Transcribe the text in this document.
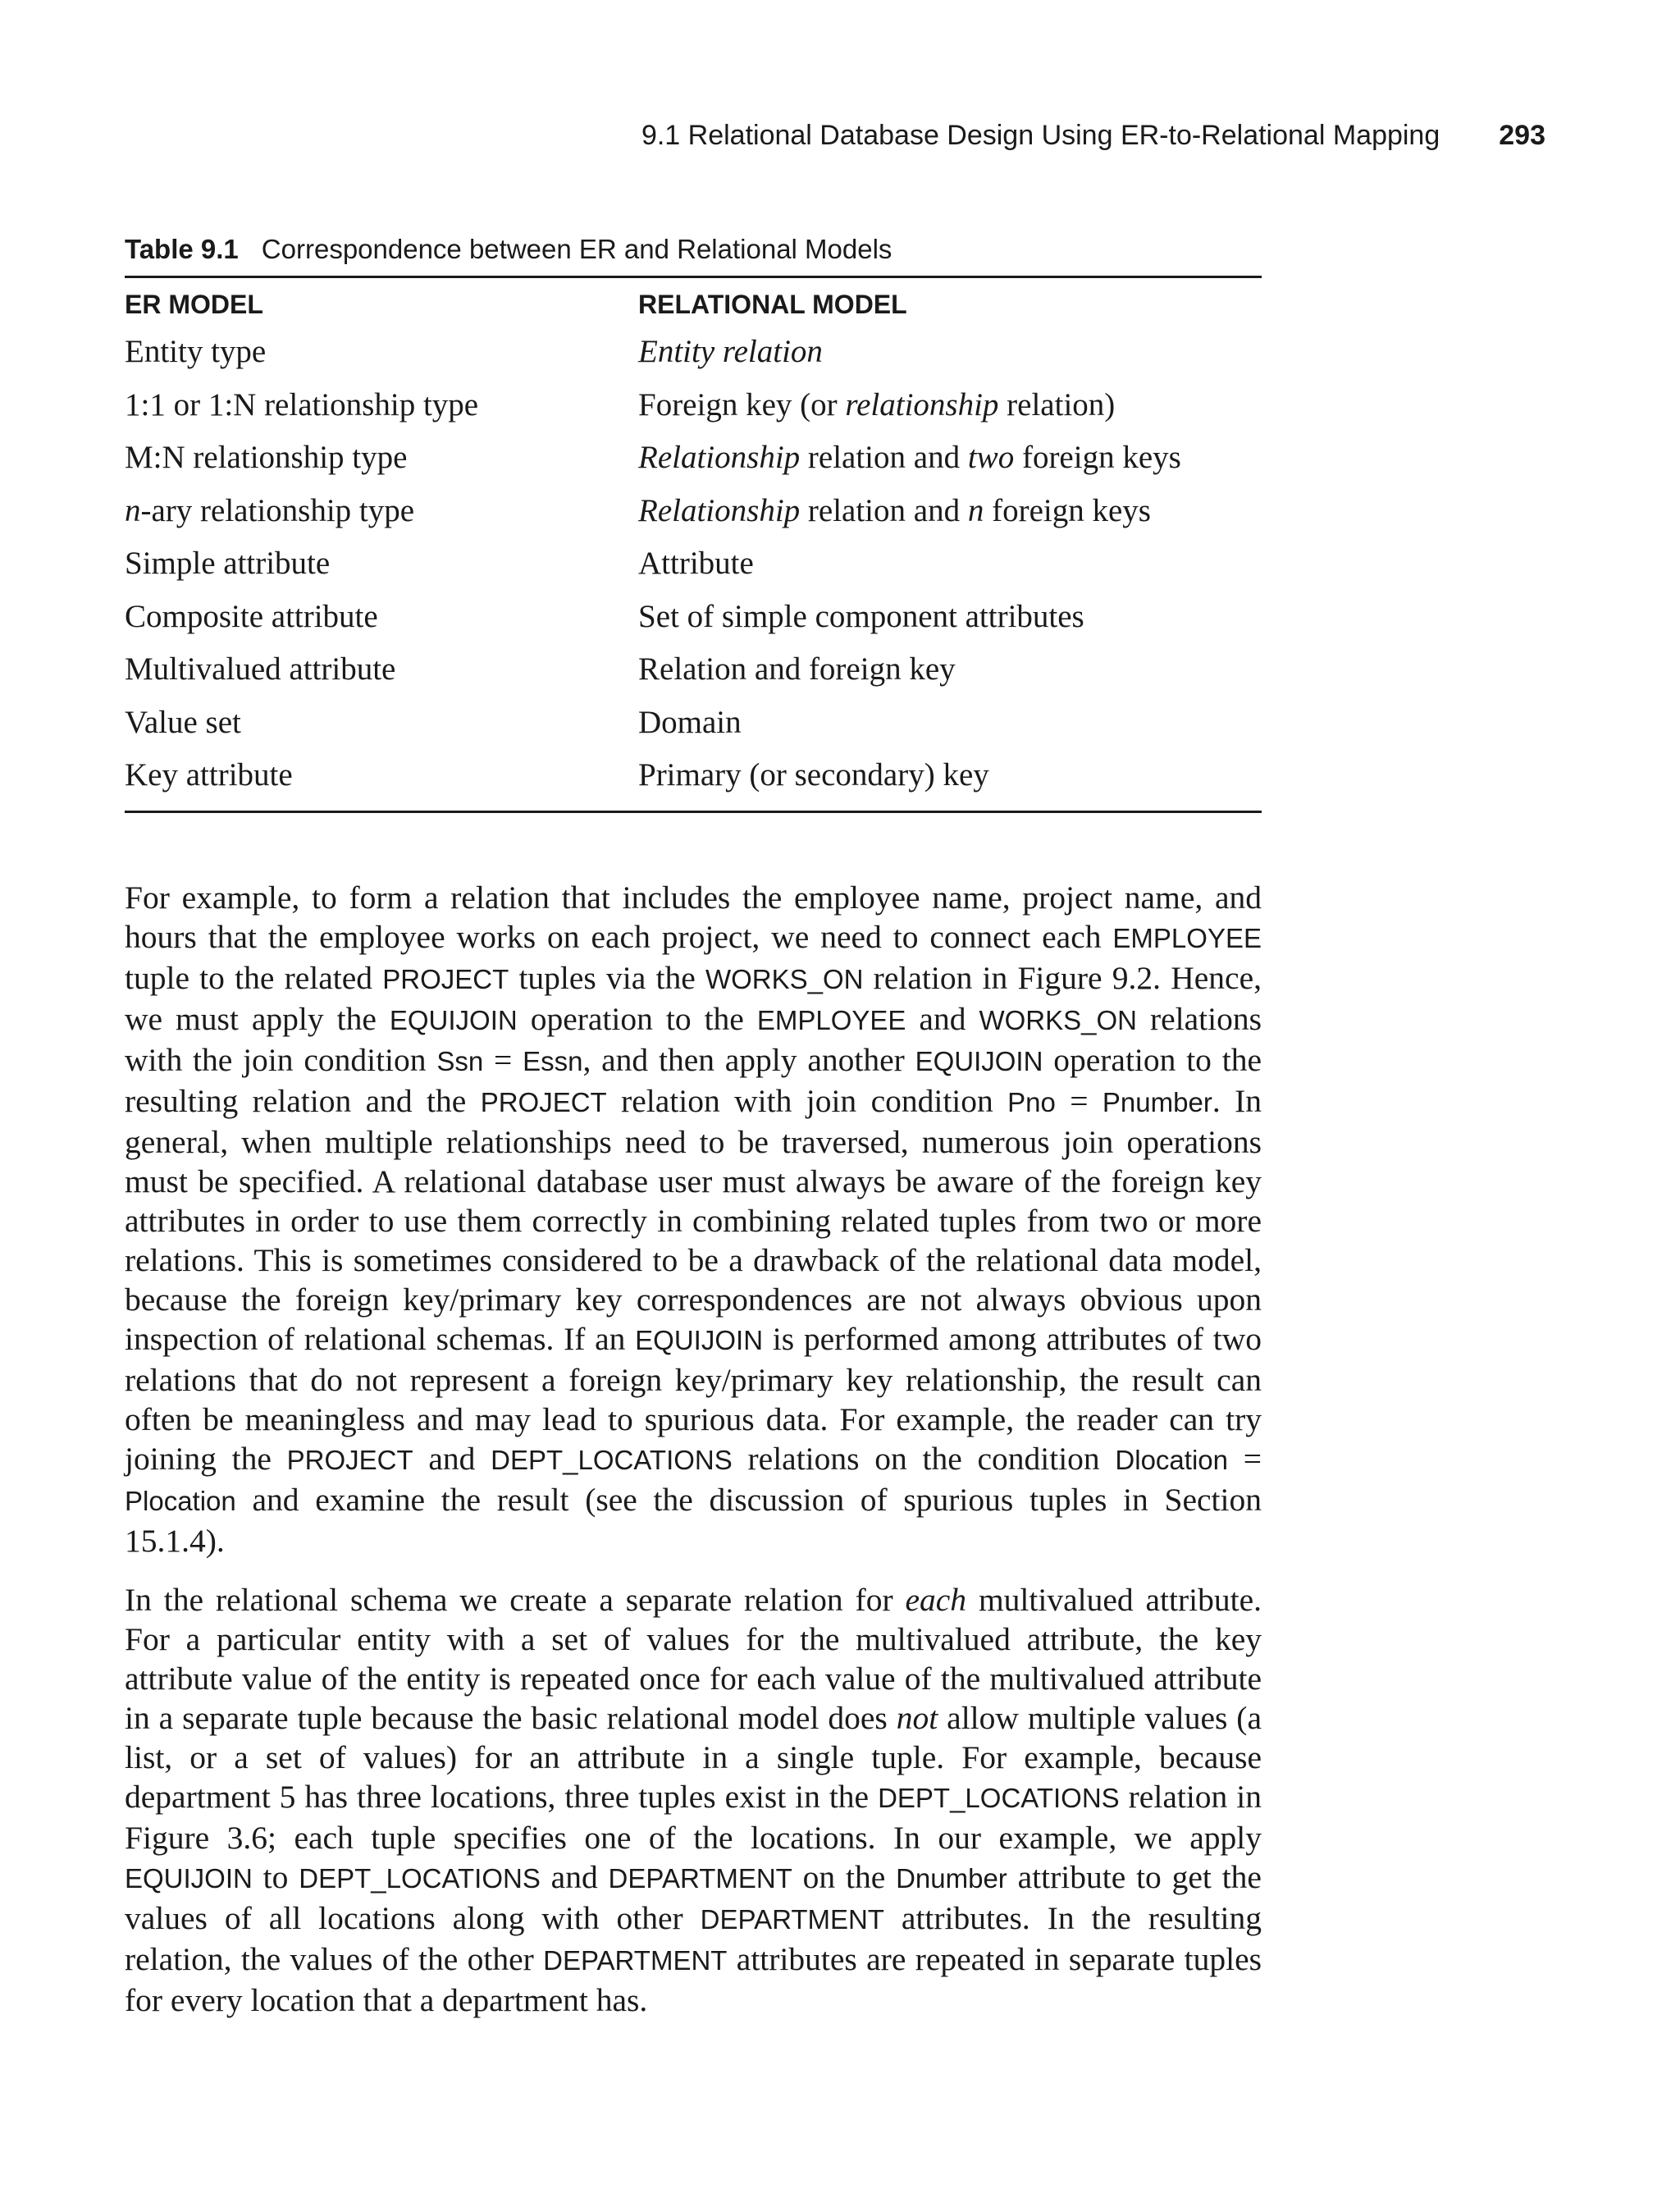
9.1 Relational Database Design Using ER-to-Relational Mapping 293
Table 9.1 Correspondence between ER and Relational Models
ER MODEL	RELATIONAL MODEL
Entity type	Entity relation
1:1 or 1:N relationship type	Foreign key (or relationship relation)
M:N relationship type	Relationship relation and two foreign keys
n-ary relationship type	Relationship relation and n foreign keys
Simple attribute	Attribute
Composite attribute	Set of simple component attributes
Multivalued attribute	Relation and foreign key
Value set	Domain
Key attribute	Primary (or secondary) key

For example, to form a relation that includes the employee name, project name, and hours that the employee works on each project, we need to connect each EMPLOYEE tuple to the related PROJECT tuples via the WORKS_ON relation in Figure 9.2. Hence, we must apply the EQUIJOIN operation to the EMPLOYEE and WORKS_ON relations with the join condition Ssn = Essn, and then apply another EQUIJOIN operation to the resulting relation and the PROJECT relation with join condition Pno = Pnumber. In general, when multiple relationships need to be traversed, numerous join operations must be specified. A relational database user must always be aware of the foreign key attributes in order to use them correctly in combining related tuples from two or more relations. This is sometimes considered to be a drawback of the relational data model, because the foreign key/primary key correspondences are not always obvious upon inspection of relational schemas. If an EQUIJOIN is performed among attributes of two relations that do not represent a foreign key/primary key relationship, the result can often be meaningless and may lead to spurious data. For example, the reader can try joining the PROJECT and DEPT_LOCATIONS relations on the condition Dlocation = Plocation and examine the result (see the discussion of spurious tuples in Section 15.1.4).

In the relational schema we create a separate relation for each multivalued attribute. For a particular entity with a set of values for the multivalued attribute, the key attribute value of the entity is repeated once for each value of the multivalued attribute in a separate tuple because the basic relational model does not allow multiple values (a list, or a set of values) for an attribute in a single tuple. For example, because department 5 has three locations, three tuples exist in the DEPT_LOCATIONS relation in Figure 3.6; each tuple specifies one of the locations. In our example, we apply EQUIJOIN to DEPT_LOCATIONS and DEPARTMENT on the Dnumber attribute to get the values of all locations along with other DEPARTMENT attributes. In the resulting relation, the values of the other DEPARTMENT attributes are repeated in separate tuples for every location that a department has.
